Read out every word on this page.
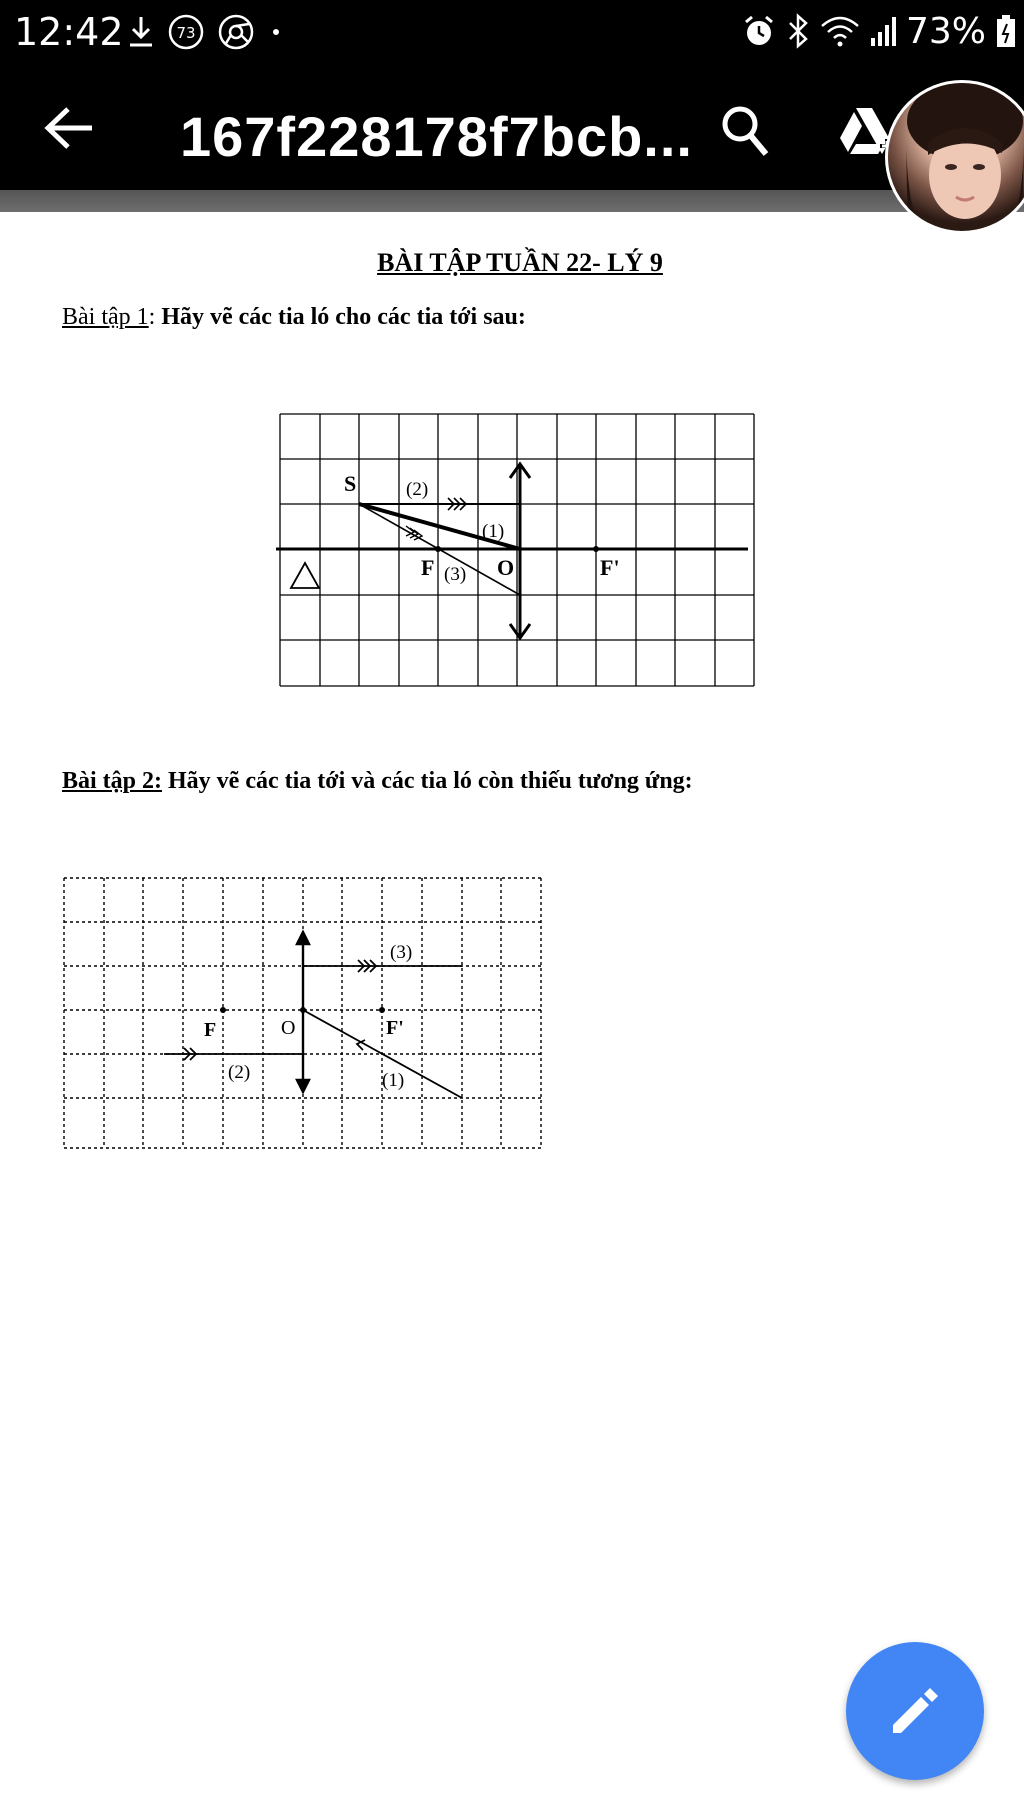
12:42	73	73%
167f228178f7bcb...
BÀI TẬP TUẦN 22- LÝ 9
Bài tập 1: Hãy vẽ các tia ló cho các tia tới sau:
S	(2)
(1)
F (3) O	F'
Bài tập 2: Hãy vẽ các tia tới và các tia ló còn thiếu tương ứng:
(3)
F	O	F'
(2)	(1)
